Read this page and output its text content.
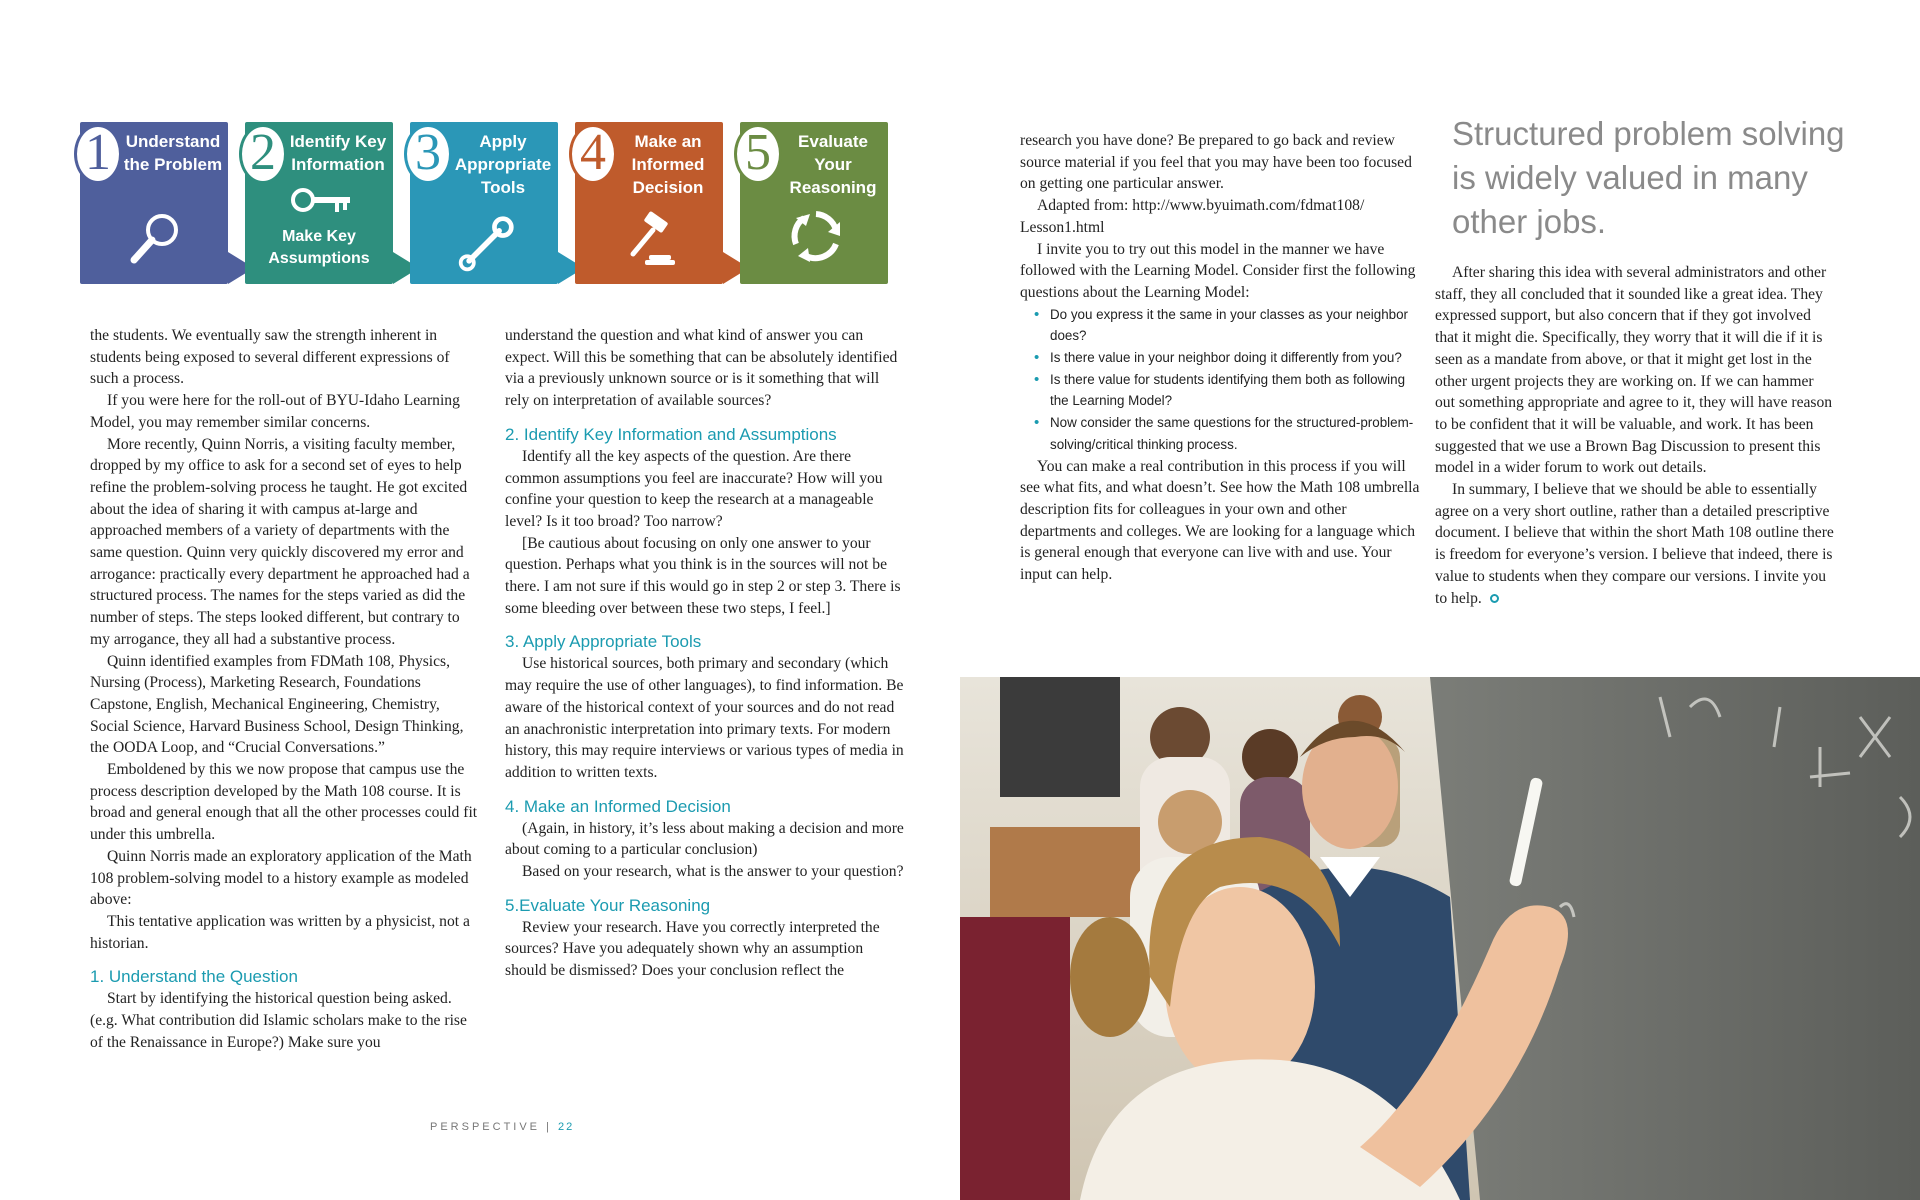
1 Understand the Problem 2 Identify Key Information
Make Key Assumptions
3	Apply Appropriate Tools
4	Make an Informed Decision
5	Evaluate Your Reasoning

the students. We eventually saw the strength inherent in students being exposed to several different expressions of such a process.

If you were here for the roll-out of BYU-Idaho Learning Model, you may remember similar concerns.

More recently, Quinn Norris, a visiting faculty member, dropped by my office to ask for a second set of eyes to help refine the problem-solving process he taught. He got excited about the idea of sharing it with campus at-large and approached members of a variety of departments with the same question. Quinn very quickly discovered my error and arrogance: practically every department he approached had a structured process. The names for the steps varied as did the number of steps. The steps looked different, but contrary to my arrogance, they all had a substantive process.

Quinn identified examples from FDMath 108, Physics, Nursing (Process), Marketing Research, Foundations Capstone, English, Mechanical Engineering, Chemistry, Social Science, Harvard Business School, Design Thinking, the OODA Loop, and “Crucial Conversations.”

Emboldened by this we now propose that campus use the process description developed by the Math 108 course. It is broad and general enough that all the other processes could fit under this umbrella.

Quinn Norris made an exploratory application of the Math 108 problem-solving model to a history example as modeled above:

This tentative application was written by a physicist, not a historian.

1. Understand the Question

Start by identifying the historical question being asked. (e.g. What contribution did Islamic scholars make to the rise of the Renaissance in Europe?) Make sure you

understand the question and what kind of answer you can expect. Will this be something that can be absolutely identified via a previously unknown source or is it something that will rely on interpretation of available sources?

2. Identify Key Information and Assumptions

Identify all the key aspects of the question. Are there common assumptions you feel are inaccurate? How will you confine your question to keep the research at a manageable level? Is it too broad? Too narrow?

[Be cautious about focusing on only one answer to your question. Perhaps what you think is in the sources will not be there. I am not sure if this would go in step 2 or step 3. There is some bleeding over between these two steps, I feel.]

3. Apply Appropriate Tools

Use historical sources, both primary and secondary (which may require the use of other languages), to find information. Be aware of the historical context of your sources and do not read an anachronistic interpretation into primary texts. For modern history, this may require interviews or various types of media in addition to written texts.

4. Make an Informed Decision

(Again, in history, it’s less about making a decision and more about coming to a particular conclusion)

Based on your research, what is the answer to your question?

5.Evaluate Your Reasoning

Review your research. Have you correctly interpreted the sources? Have you adequately shown why an assumption should be dismissed? Does your conclusion reflect the

research you have done? Be prepared to go back and review source material if you feel that you may have been too focused on getting one particular answer.

Adapted from: http://www.byuimath.com/fdmat108/ Lesson1.html

I invite you to try out this model in the manner we have followed with the Learning Model. Consider first the following questions about the Learning Model:

• Do you express it the same in your classes as your neighbor does?
• Is there value in your neighbor doing it differently from you?
• Is there value for students identifying them both as following the Learning Model?
• Now consider the same questions for the structured-problem-solving/critical thinking process.

You can make a real contribution in this process if you will see what fits, and what doesn’t. See how the Math 108 umbrella description fits for colleagues in your own and other departments and colleges. We are looking for a language which is general enough that everyone can live with and use. Your input can help.

Structured problem solving is widely valued in many other jobs.

After sharing this idea with several administrators and other staff, they all concluded that it sounded like a great idea. They expressed support, but also concern that if they got involved that it might die. Specifically, they worry that it will die if it is seen as a mandate from above, or that it might get lost in the other urgent projects they are working on. If we can hammer out something appropriate and agree to it, they will have reason to be confident that it will be valuable, and work. It has been suggested that we use a Brown Bag Discussion to present this model in a wider forum to work out details.

In summary, I believe that we should be able to essentially agree on a very short outline, rather than a detailed prescriptive document. I believe that within the short Math 108 outline there is freedom for everyone’s version. I believe that indeed, there is value to students when they compare our versions. I invite you to help.

PERSPECTIVE | 22
